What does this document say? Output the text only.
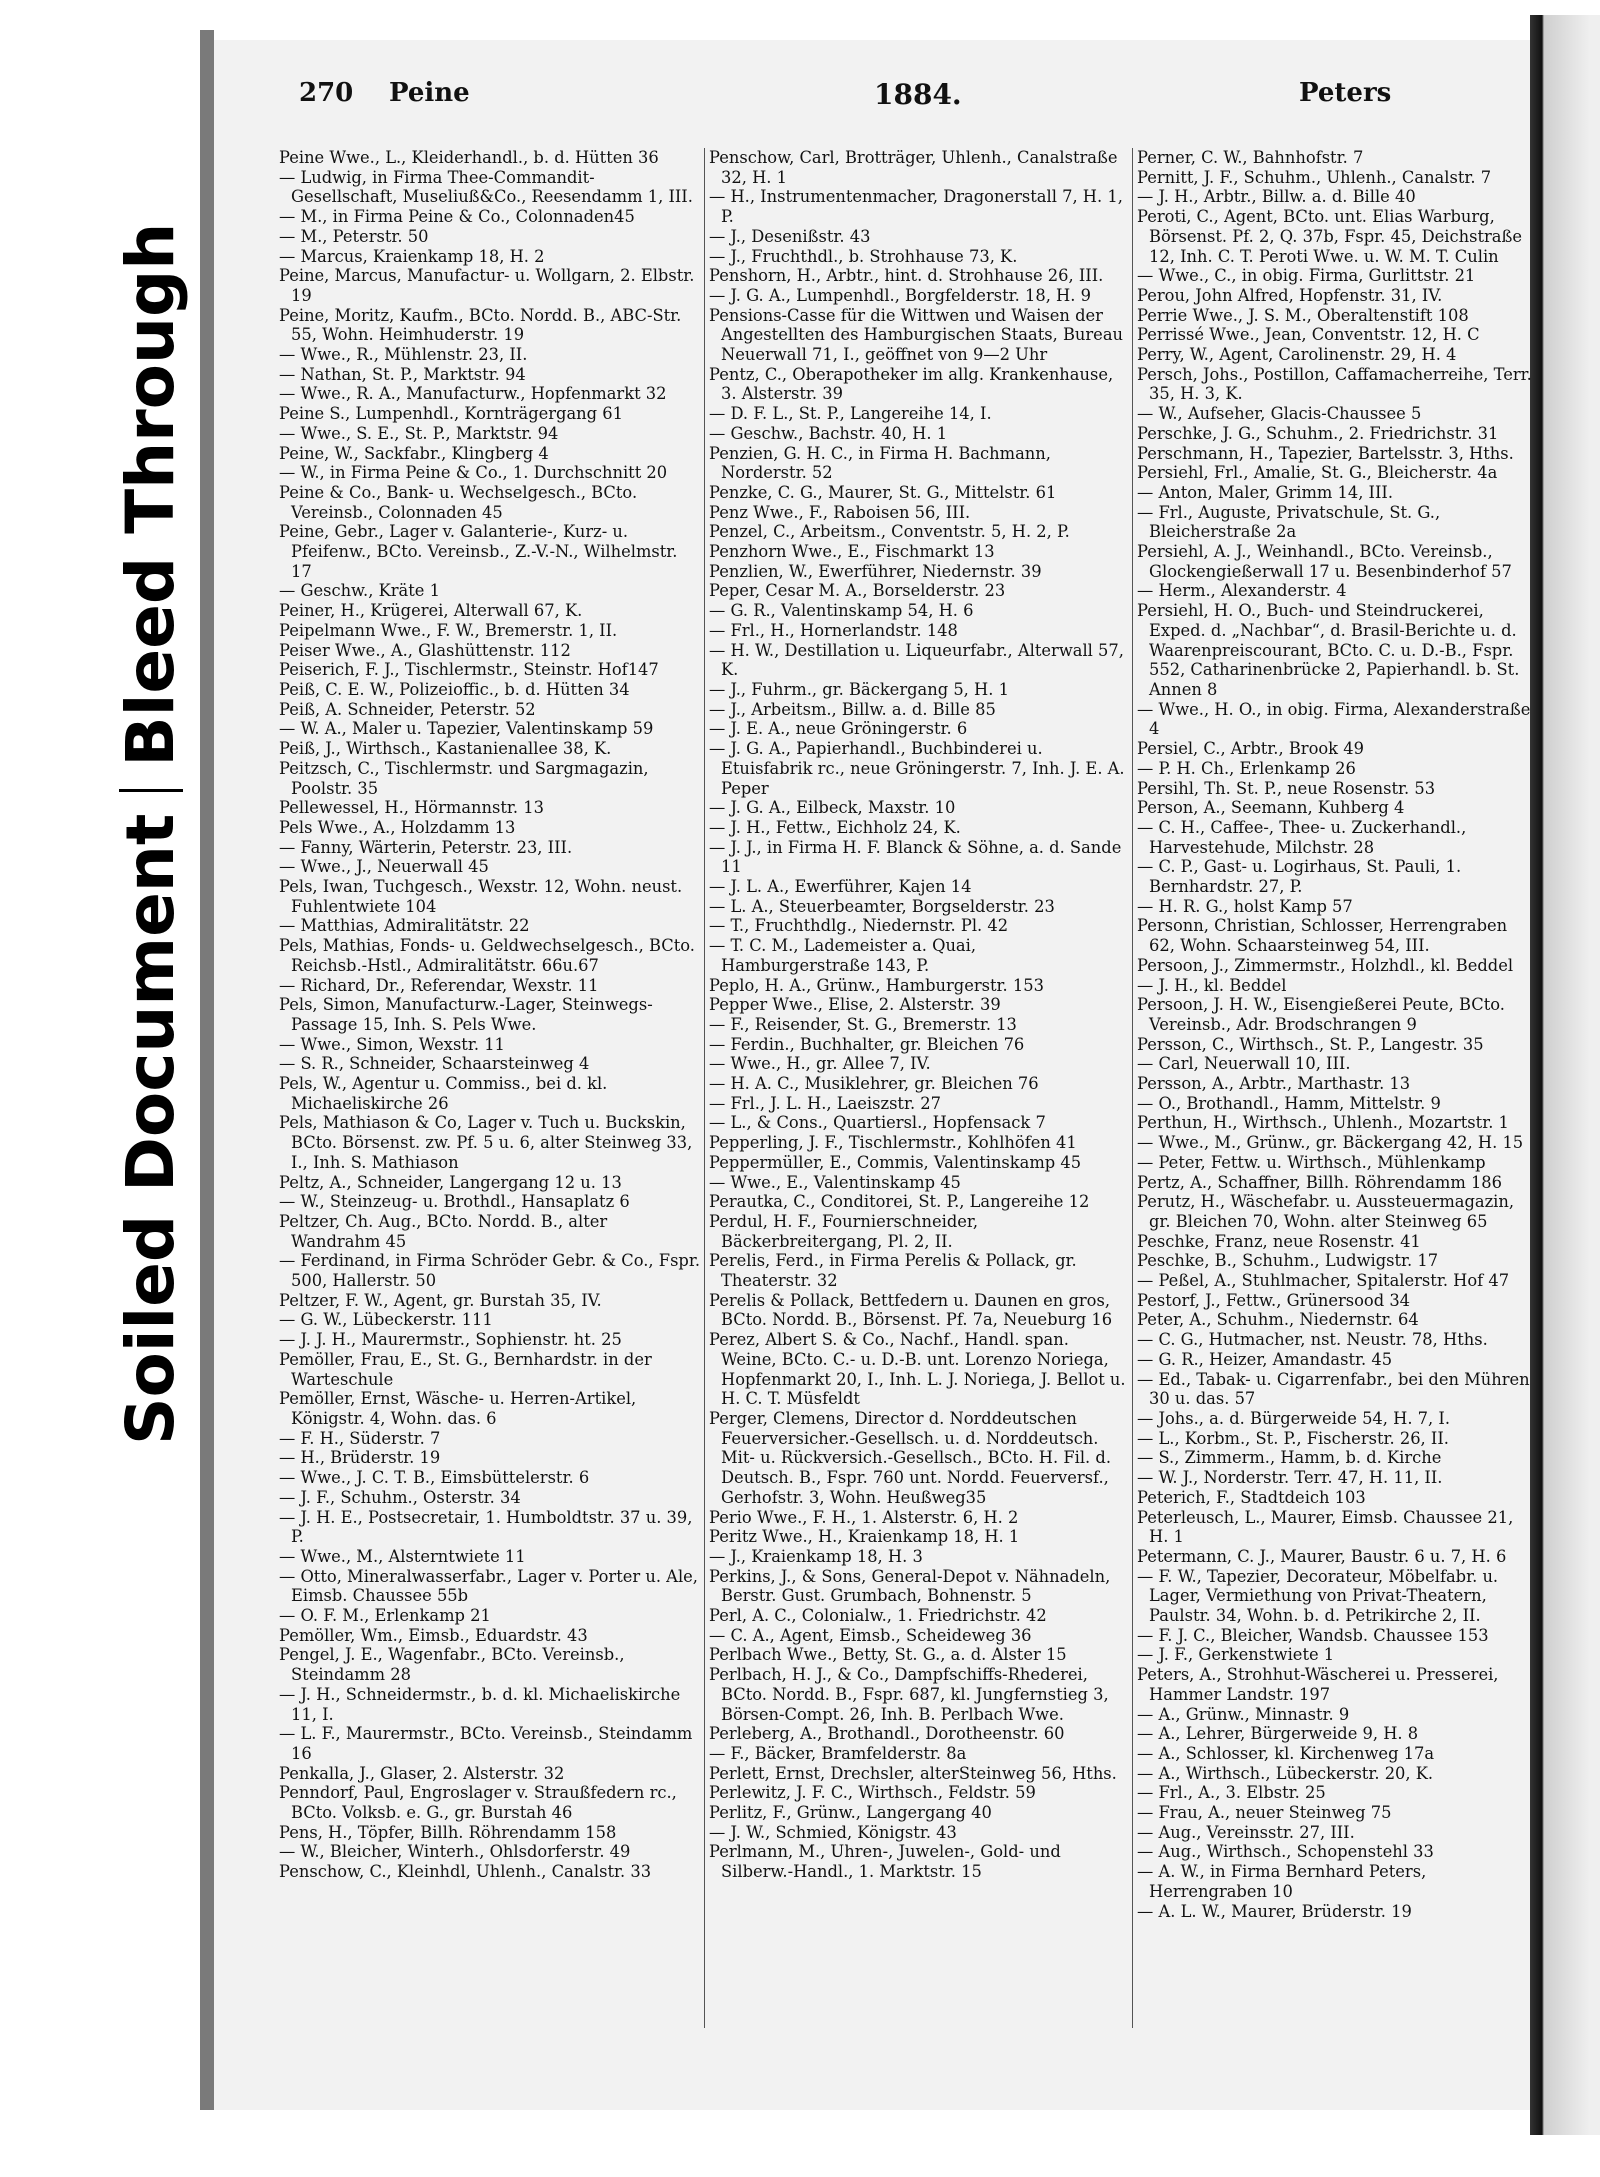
Soiled Document
Bleed Through
270 Peine	1884.	Peters

Peine Wwe., L., Kleiderhandl., b. d. Hütten 36

— Ludwig, in Firma Thee-Commandit-Gesellschaft, Museliuß&Co., Reesendamm 1, III.

— M., in Firma Peine & Co., Colonnaden45

— M., Peterstr. 50

— Marcus, Kraienkamp 18, H. 2

Peine, Marcus, Manufactur- u. Wollgarn, 2. Elbstr. 19

Peine, Moritz, Kaufm., BCto. Nordd. B., ABC-Str. 55, Wohn. Heimhuderstr. 19

— Wwe., R., Mühlenstr. 23, II.

— Nathan, St. P., Marktstr. 94

— Wwe., R. A., Manufacturw., Hopfenmarkt 32

Peine S., Lumpenhdl., Kornträgergang 61

— Wwe., S. E., St. P., Marktstr. 94

Peine, W., Sackfabr., Klingberg 4

— W., in Firma Peine & Co., 1. Durchschnitt 20

Peine & Co., Bank- u. Wechselgesch., BCto. Vereinsb., Colonnaden 45

Peine, Gebr., Lager v. Galanterie-, Kurz- u. Pfeifenw., BCto. Vereinsb., Z.-V.-N., Wilhelmstr. 17

— Geschw., Kräte 1

Peiner, H., Krügerei, Alterwall 67, K.

Peipelmann Wwe., F. W., Bremerstr. 1, II.

Peiser Wwe., A., Glashüttenstr. 112

Peiserich, F. J., Tischlermstr., Steinstr. Hof147

Peiß, C. E. W., Polizeioffic., b. d. Hütten 34

Peiß, A. Schneider, Peterstr. 52

— W. A., Maler u. Tapezier, Valentinskamp 59

Peiß, J., Wirthsch., Kastanienallee 38, K.

Peitzsch, C., Tischlermstr. und Sargmagazin, Poolstr. 35

Pellewessel, H., Hörmannstr. 13

Pels Wwe., A., Holzdamm 13

— Fanny, Wärterin, Peterstr. 23, III.

— Wwe., J., Neuerwall 45

Pels, Iwan, Tuchgesch., Wexstr. 12, Wohn. neust. Fuhlentwiete 104

— Matthias, Admiralitätstr. 22

Pels, Mathias, Fonds- u. Geldwechselgesch., BCto. Reichsb.-Hstl., Admiralitätstr. 66u.67

— Richard, Dr., Referendar, Wexstr. 11

Pels, Simon, Manufacturw.-Lager, Steinwegs-Passage 15, Inh. S. Pels Wwe.

— Wwe., Simon, Wexstr. 11

— S. R., Schneider, Schaarsteinweg 4

Pels, W., Agentur u. Commiss., bei d. kl. Michaeliskirche 26

Pels, Mathiason & Co, Lager v. Tuch u. Buckskin, BCto. Börsenst. zw. Pf. 5 u. 6, alter Steinweg 33, I., Inh. S. Mathiason

Peltz, A., Schneider, Langergang 12 u. 13

— W., Steinzeug- u. Brothdl., Hansaplatz 6

Peltzer, Ch. Aug., BCto. Nordd. B., alter Wandrahm 45

— Ferdinand, in Firma Schröder Gebr. & Co., Fspr. 500, Hallerstr. 50

Peltzer, F. W., Agent, gr. Burstah 35, IV.

— G. W., Lübeckerstr. 111

— J. J. H., Maurermstr., Sophienstr. ht. 25

Pemöller, Frau, E., St. G., Bernhardstr. in der Warteschule

Pemöller, Ernst, Wäsche- u. Herren-Artikel, Königstr. 4, Wohn. das. 6

— F. H., Süderstr. 7

— H., Brüderstr. 19

— Wwe., J. C. T. B., Eimsbüttelerstr. 6

— J. F., Schuhm., Osterstr. 34

— J. H. E., Postsecretair, 1. Humboldtstr. 37 u. 39, P.

— Wwe., M., Alsterntwiete 11

— Otto, Mineralwasserfabr., Lager v. Porter u. Ale, Eimsb. Chaussee 55b

— O. F. M., Erlenkamp 21

Pemöller, Wm., Eimsb., Eduardstr. 43

Pengel, J. E., Wagenfabr., BCto. Vereinsb., Steindamm 28

— J. H., Schneidermstr., b. d. kl. Michaeliskirche 11, I.

— L. F., Maurermstr., BCto. Vereinsb., Steindamm 16

Penkalla, J., Glaser, 2. Alsterstr. 32

Penndorf, Paul, Engroslager v. Straußfedern rc., BCto. Volksb. e. G., gr. Burstah 46

Pens, H., Töpfer, Billh. Röhrendamm 158

— W., Bleicher, Winterh., Ohlsdorferstr. 49

Penschow, C., Kleinhdl, Uhlenh., Canalstr. 33

Penschow, Carl, Brotträger, Uhlenh., Canalstraße 32, H. 1

— H., Instrumentenmacher, Dragonerstall 7, H. 1, P.

— J., Desenißstr. 43

— J., Fruchthdl., b. Strohhause 73, K.

Penshorn, H., Arbtr., hint. d. Strohhause 26, III.

— J. G. A., Lumpenhdl., Borgfelderstr. 18, H. 9

Pensions-Casse für die Wittwen und Waisen der Angestellten des Hamburgischen Staats, Bureau Neuerwall 71, I., geöffnet von 9—2 Uhr

Pentz, C., Oberapotheker im allg. Krankenhause, 3. Alsterstr. 39

— D. F. L., St. P., Langereihe 14, I.

— Geschw., Bachstr. 40, H. 1

Penzien, G. H. C., in Firma H. Bachmann, Norderstr. 52

Penzke, C. G., Maurer, St. G., Mittelstr. 61

Penz Wwe., F., Raboisen 56, III.

Penzel, C., Arbeitsm., Conventstr. 5, H. 2, P.

Penzhorn Wwe., E., Fischmarkt 13

Penzlien, W., Ewerführer, Niedernstr. 39

Peper, Cesar M. A., Borselderstr. 23

— G. R., Valentinskamp 54, H. 6

— Frl., H., Hornerlandstr. 148

— H. W., Destillation u. Liqueurfabr., Alterwall 57, K.

— J., Fuhrm., gr. Bäckergang 5, H. 1

— J., Arbeitsm., Billw. a. d. Bille 85

— J. E. A., neue Gröningerstr. 6

— J. G. A., Papierhandl., Buchbinderei u. Etuisfabrik rc., neue Gröningerstr. 7, Inh. J. E. A. Peper

— J. G. A., Eilbeck, Maxstr. 10

— J. H., Fettw., Eichholz 24, K.

— J. J., in Firma H. F. Blanck & Söhne, a. d. Sande 11

— J. L. A., Ewerführer, Kajen 14

— L. A., Steuerbeamter, Borgselderstr. 23

— T., Fruchthdlg., Niedernstr. Pl. 42

— T. C. M., Lademeister a. Quai, Hamburgerstraße 143, P.

Peplo, H. A., Grünw., Hamburgerstr. 153

Pepper Wwe., Elise, 2. Alsterstr. 39

— F., Reisender, St. G., Bremerstr. 13

— Ferdin., Buchhalter, gr. Bleichen 76

— Wwe., H., gr. Allee 7, IV.

— H. A. C., Musiklehrer, gr. Bleichen 76

— Frl., J. L. H., Laeiszstr. 27

— L., & Cons., Quartiersl., Hopfensack 7

Pepperling, J. F., Tischlermstr., Kohlhöfen 41

Peppermüller, E., Commis, Valentinskamp 45

— Wwe., E., Valentinskamp 45

Perautka, C., Conditorei, St. P., Langereihe 12

Perdul, H. F., Fournierschneider, Bäckerbreitergang, Pl. 2, II.

Perelis, Ferd., in Firma Perelis & Pollack, gr. Theaterstr. 32

Perelis & Pollack, Bettfedern u. Daunen en gros, BCto. Nordd. B., Börsenst. Pf. 7a, Neueburg 16

Perez, Albert S. & Co., Nachf., Handl. span. Weine, BCto. C.- u. D.-B. unt. Lorenzo Noriega, Hopfenmarkt 20, I., Inh. L. J. Noriega, J. Bellot u. H. C. T. Müsfeldt

Perger, Clemens, Director d. Norddeutschen Feuerversicher.-Gesellsch. u. d. Norddeutsch. Mit- u. Rückversich.-Gesellsch., BCto. H. Fil. d. Deutsch. B., Fspr. 760 unt. Nordd. Feuerversf., Gerhofstr. 3, Wohn. Heußweg35

Perio Wwe., F. H., 1. Alsterstr. 6, H. 2

Peritz Wwe., H., Kraienkamp 18, H. 1

— J., Kraienkamp 18, H. 3

Perkins, J., & Sons, General-Depot v. Nähnadeln, Berstr. Gust. Grumbach, Bohnenstr. 5

Perl, A. C., Colonialw., 1. Friedrichstr. 42

— C. A., Agent, Eimsb., Scheideweg 36

Perlbach Wwe., Betty, St. G., a. d. Alster 15

Perlbach, H. J., & Co., Dampfschiffs-Rhederei, BCto. Nordd. B., Fspr. 687, kl. Jungfernstieg 3, Börsen-Compt. 26, Inh. B. Perlbach Wwe.

Perleberg, A., Brothandl., Dorotheenstr. 60

— F., Bäcker, Bramfelderstr. 8a

Perlett, Ernst, Drechsler, alterSteinweg 56, Hths.

Perlewitz, J. F. C., Wirthsch., Feldstr. 59

Perlitz, F., Grünw., Langergang 40

— J. W., Schmied, Königstr. 43

Perlmann, M., Uhren-, Juwelen-, Gold- und Silberw.-Handl., 1. Marktstr. 15

Perner, C. W., Bahnhofstr. 7

Pernitt, J. F., Schuhm., Uhlenh., Canalstr. 7

— J. H., Arbtr., Billw. a. d. Bille 40

Peroti, C., Agent, BCto. unt. Elias Warburg, Börsenst. Pf. 2, Q. 37b, Fspr. 45, Deichstraße 12, Inh. C. T. Peroti Wwe. u. W. M. T. Culin

— Wwe., C., in obig. Firma, Gurlittstr. 21

Perou, John Alfred, Hopfenstr. 31, IV.

Perrie Wwe., J. S. M., Oberaltenstift 108

Perrissé Wwe., Jean, Conventstr. 12, H. C

Perry, W., Agent, Carolinenstr. 29, H. 4

Persch, Johs., Postillon, Caffamacherreihe, Terr. 35, H. 3, K.

— W., Aufseher, Glacis-Chaussee 5

Perschke, J. G., Schuhm., 2. Friedrichstr. 31

Perschmann, H., Tapezier, Bartelsstr. 3, Hths.

Persiehl, Frl., Amalie, St. G., Bleicherstr. 4a

— Anton, Maler, Grimm 14, III.

— Frl., Auguste, Privatschule, St. G., Bleicherstraße 2a

Persiehl, A. J., Weinhandl., BCto. Vereinsb., Glockengießerwall 17 u. Besenbinderhof 57

— Herm., Alexanderstr. 4

Persiehl, H. O., Buch- und Steindruckerei, Exped. d. „Nachbar“, d. Brasil-Berichte u. d. Waarenpreiscourant, BCto. C. u. D.-B., Fspr. 552, Catharinenbrücke 2, Papierhandl. b. St. Annen 8

— Wwe., H. O., in obig. Firma, Alexanderstraße 4

Persiel, C., Arbtr., Brook 49

— P. H. Ch., Erlenkamp 26

Persihl, Th. St. P., neue Rosenstr. 53

Person, A., Seemann, Kuhberg 4

— C. H., Caffee-, Thee- u. Zuckerhandl., Harvestehude, Milchstr. 28

— C. P., Gast- u. Logirhaus, St. Pauli, 1. Bernhardstr. 27, P.

— H. R. G., holst Kamp 57

Personn, Christian, Schlosser, Herrengraben 62, Wohn. Schaarsteinweg 54, III.

Persoon, J., Zimmermstr., Holzhdl., kl. Beddel

— J. H., kl. Beddel

Persoon, J. H. W., Eisengießerei Peute, BCto. Vereinsb., Adr. Brodschrangen 9

Persson, C., Wirthsch., St. P., Langestr. 35

— Carl, Neuerwall 10, III.

Persson, A., Arbtr., Marthastr. 13

— O., Brothandl., Hamm, Mittelstr. 9

Perthun, H., Wirthsch., Uhlenh., Mozartstr. 1

— Wwe., M., Grünw., gr. Bäckergang 42, H. 15

— Peter, Fettw. u. Wirthsch., Mühlenkamp

Pertz, A., Schaffner, Billh. Röhrendamm 186

Perutz, H., Wäschefabr. u. Aussteuermagazin, gr. Bleichen 70, Wohn. alter Steinweg 65

Peschke, Franz, neue Rosenstr. 41

Peschke, B., Schuhm., Ludwigstr. 17

— Peßel, A., Stuhlmacher, Spitalerstr. Hof 47

Pestorf, J., Fettw., Grünersood 34

Peter, A., Schuhm., Niedernstr. 64

— C. G., Hutmacher, nst. Neustr. 78, Hths.

— G. R., Heizer, Amandastr. 45

— Ed., Tabak- u. Cigarrenfabr., bei den Mühren 30 u. das. 57

— Johs., a. d. Bürgerweide 54, H. 7, I.

— L., Korbm., St. P., Fischerstr. 26, II.

— S., Zimmerm., Hamm, b. d. Kirche

— W. J., Norderstr. Terr. 47, H. 11, II.

Peterich, F., Stadtdeich 103

Peterleusch, L., Maurer, Eimsb. Chaussee 21, H. 1

Petermann, C. J., Maurer, Baustr. 6 u. 7, H. 6

— F. W., Tapezier, Decorateur, Möbelfabr. u. Lager, Vermiethung von Privat-Theatern, Paulstr. 34, Wohn. b. d. Petrikirche 2, II.

— F. J. C., Bleicher, Wandsb. Chaussee 153

— J. F., Gerkenstwiete 1

Peters, A., Strohhut-Wäscherei u. Presserei, Hammer Landstr. 197

— A., Grünw., Minnastr. 9

— A., Lehrer, Bürgerweide 9, H. 8

— A., Schlosser, kl. Kirchenweg 17a

— A., Wirthsch., Lübeckerstr. 20, K.

— Frl., A., 3. Elbstr. 25

— Frau, A., neuer Steinweg 75

— Aug., Vereinsstr. 27, III.

— Aug., Wirthsch., Schopenstehl 33

— A. W., in Firma Bernhard Peters, Herrengraben 10

— A. L. W., Maurer, Brüderstr. 19
